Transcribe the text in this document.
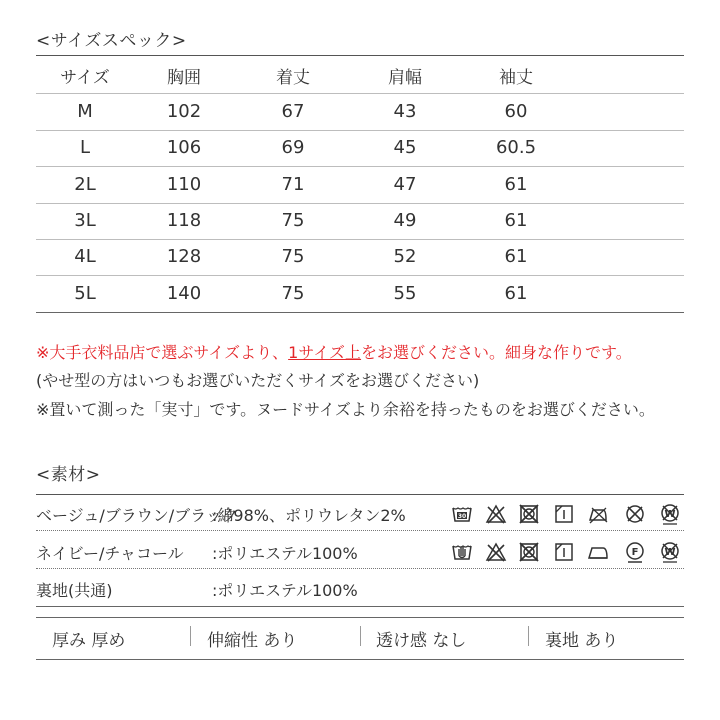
<サイズスペック>
サイズ	胸囲	着丈	肩幅	袖丈
M	102	67	43	60
L	106	69	45	60.5
2L	110	71	47	61
3L	118	75	49	61
4L	128	75	52	61
5L	140	75	55	61
※大手衣料品店で選ぶサイズより、1サイズ上をお選びください。細身な作りです。
(やせ型の方はいつもお選びいただくサイズをお選びください)
※置いて測った「実寸」です。ヌードサイズより余裕を持ったものをお選びください。
<素材>
ベージュ/ブラウン/ブラック
:綿98%、ポリウレタン2%	30	W
ネイビー/チャコール :ポリエステル100%	F	W
裏地(共通)	:ポリエステル100%
厚み 厚め	伸縮性 あり	透け感 なし	裏地 あり
